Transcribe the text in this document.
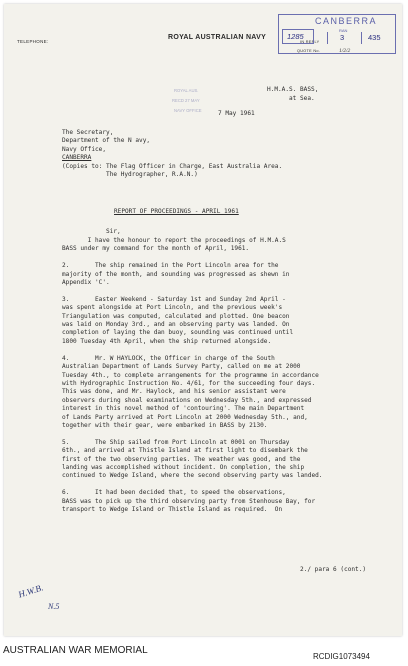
TELEPHONE:
ROYAL AUSTRALIAN NAVY
IN REPLY
QUOTE No.
CANBERRA
RAN
1285	3	435
1/2/2
ROYAL AUS.
RECD 27 MAY
NAVY OFFICE
H.M.A.S. BASS,
at Sea.
7 May 1961
The Secretary,
Department of the N avy,
Navy Office,
CANBERRA
(Copies to: The Flag Officer in Charge, East Australia Area.
The Hydrographer, R.A.N.)
REPORT OF PROCEEDINGS - APRIL 1961
Sir,
I have the honour to report the proceedings of H.M.A.S
BASS under my command for the month of April, 1961.

2.       The ship remained in the Port Lincoln area for the
majority of the month, and sounding was progressed as shewn in
Appendix 'C'.

3.       Easter Weekend - Saturday 1st and Sunday 2nd April -
was spent alongside at Port Lincoln, and the previous week's
Triangulation was computed, calculated and plotted. One beacon
was laid on Monday 3rd., and an observing party was landed. On
completion of laying the dan buoy, sounding was continued until
1800 Tuesday 4th April, when the ship returned alongside.

4.       Mr. W HAYLOCK, the Officer in charge of the South
Australian Department of Lands Survey Party, called on me at 2000
Tuesday 4th., to complete arrangements for the programme in accordance
with Hydrographic Instruction No. 4/61, for the succeeding four days.
This was done, and Mr. Haylock, and his senior assistant were
observers during shoal examinations on Wednesday 5th., and expressed
interest in this novel method of 'contouring'. The main Department
of Lands Party arrived at Port Lincoln at 2000 Wednesday 5th., and,
together with their gear, were embarked in BASS by 2130.

5.       The Ship sailed from Port Lincoln at 0001 on Thursday
6th., and arrived at Thistle Island at first light to disembark the
first of the two observing parties. The weather was good, and the
landing was accomplished without incident. On completion, the ship
continued to Wedge Island, where the second observing party was landed.

6.       It had been decided that, to speed the observations,
BASS was to pick up the third observing party from Stenhouse Bay, for
transport to Wedge Island or Thistle Island as required.  On
2./ para 6 (cont.)
H.W.B.
N.5
AUSTRALIAN WAR MEMORIAL
RCDIG1073494
